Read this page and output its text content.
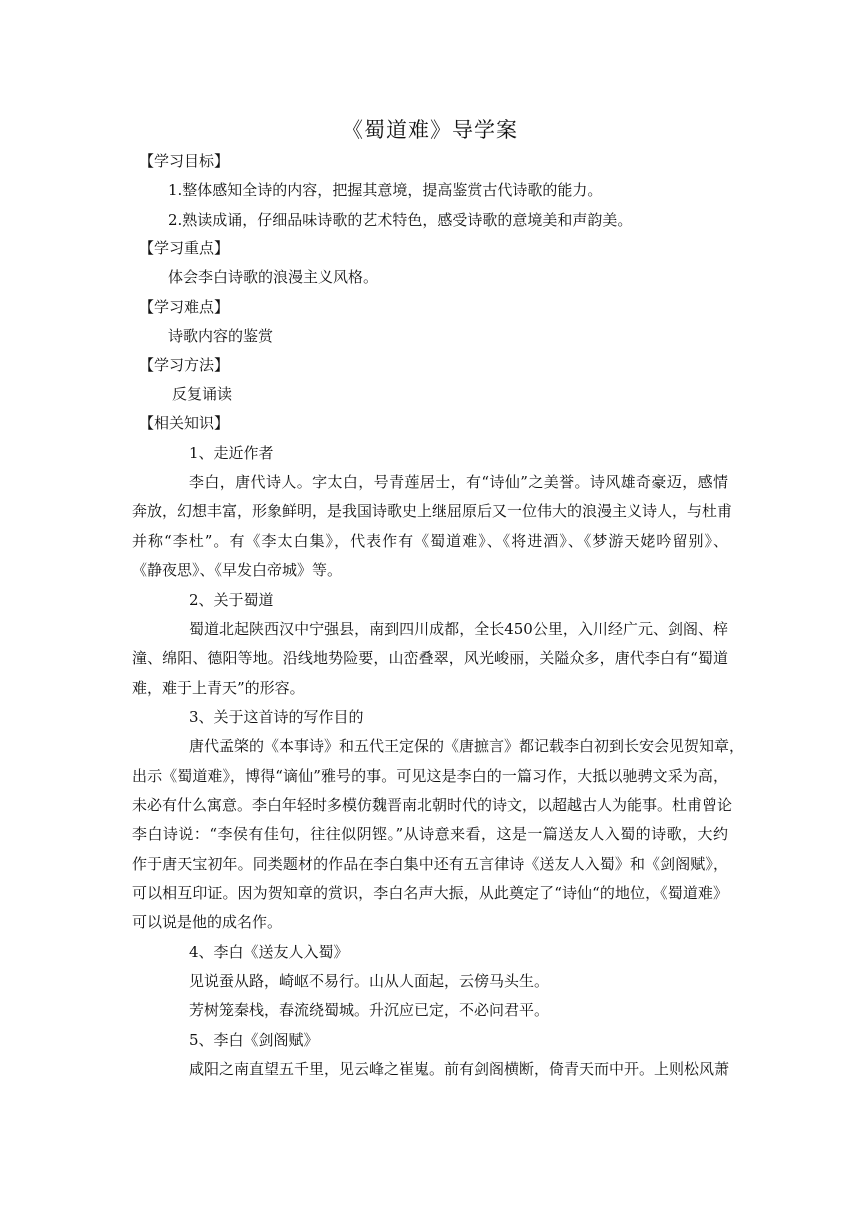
《蜀道难》导学案
【学习目标】
1.整体感知全诗的内容，把握其意境，提高鉴赏古代诗歌的能力。
2.熟读成诵，仔细品味诗歌的艺术特色，感受诗歌的意境美和声韵美。
【学习重点】
体会李白诗歌的浪漫主义风格。
【学习难点】
诗歌内容的鉴赏
【学习方法】
反复诵读
【相关知识】
1、走近作者
李白，唐代诗人。字太白，号青莲居士，有“诗仙”之美誉。诗风雄奇豪迈，感情
奔放，幻想丰富，形象鲜明，是我国诗歌史上继屈原后又一位伟大的浪漫主义诗人，与杜甫
并称“李杜”。有《李太白集》，代表作有《蜀道难》、《将进酒》、《梦游天姥吟留别》、
《静夜思》、《早发白帝城》等。
2、关于蜀道
蜀道北起陕西汉中宁强县，南到四川成都，全长450公里，入川经广元、剑阁、梓
潼、绵阳、德阳等地。沿线地势险要，山峦叠翠，风光峻丽，关隘众多，唐代李白有“蜀道
难，难于上青天”的形容。
3、关于这首诗的写作目的
唐代孟棨的《本事诗》和五代王定保的《唐摭言》都记载李白初到长安会见贺知章，
出示《蜀道难》，博得“谪仙”雅号的事。可见这是李白的一篇习作，大抵以驰骋文采为高，
未必有什么寓意。李白年轻时多模仿魏晋南北朝时代的诗文，以超越古人为能事。杜甫曾论
李白诗说：“李侯有佳句，往往似阴铿。”从诗意来看，这是一篇送友人入蜀的诗歌，大约
作于唐天宝初年。同类题材的作品在李白集中还有五言律诗《送友人入蜀》和《剑阁赋》，
可以相互印证。因为贺知章的赏识，李白名声大振，从此奠定了“诗仙“的地位，《蜀道难》
可以说是他的成名作。
4、李白《送友人入蜀》
见说蚕从路，崎岖不易行。山从人面起，云傍马头生。
芳树笼秦栈，春流绕蜀城。升沉应已定，不必问君平。
5、李白《剑阁赋》
咸阳之南直望五千里，见云峰之崔嵬。前有剑阁横断，倚青天而中开。上则松风萧
